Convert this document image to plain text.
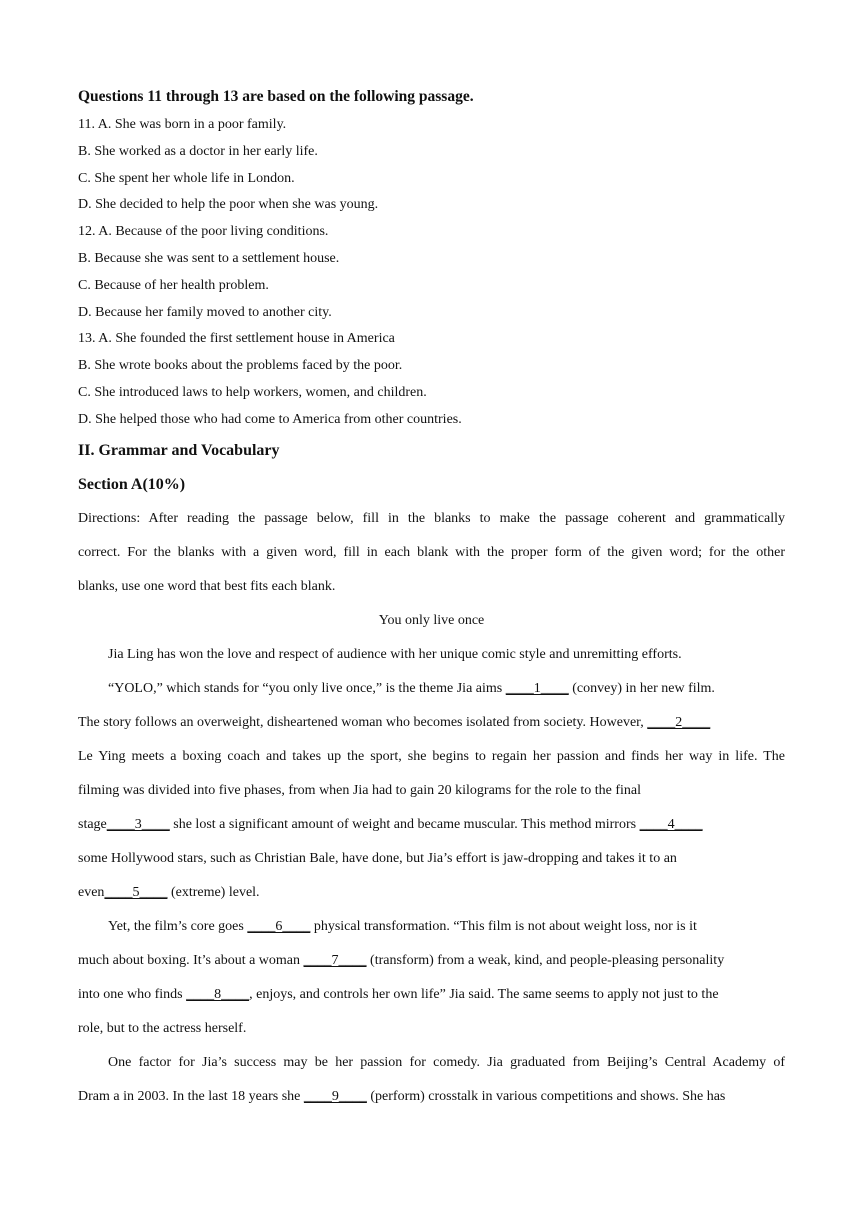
Questions 11 through 13 are based on the following passage.

11. A. She was born in a poor family.

B. She worked as a doctor in her early life.

C. She spent her whole life in London.

D. She decided to help the poor when she was young.

12. A. Because of the poor living conditions.

B. Because she was sent to a settlement house.

C. Because of her health problem.

D. Because her family moved to another city.

13. A. She founded the first settlement house in America

B. She wrote books about the problems faced by the poor.

C. She introduced laws to help workers, women, and children.

D. She helped those who had come to America from other countries.

II. Grammar and Vocabulary

Section A(10%)

Directions: After reading the passage below, fill in the blanks to make the passage coherent and grammatically

correct. For the blanks with a given word, fill in each blank with the proper form of the given word; for the other

blanks, use one word that best fits each blank.

You only live once

Jia Ling has won the love and respect of audience with her unique comic style and unremitting efforts.

“YOLO,” which stands for “you only live once,” is the theme Jia aims ____1____ (convey) in her new film.

The story follows an overweight, disheartened woman who becomes isolated from society. However, ____2____

Le Ying meets a boxing coach and takes up the sport, she begins to regain her passion and finds her way in life. The

filming was divided into five phases, from when Jia had to gain 20 kilograms for the role to the final

stage____3____ she lost a significant amount of weight and became muscular. This method mirrors ____4____

some Hollywood stars, such as Christian Bale, have done, but Jia’s effort is jaw-dropping and takes it to an

even____5____ (extreme) level.

Yet, the film’s core goes ____6____ physical transformation. “This film is not about weight loss, nor is it

much about boxing. It’s about a woman ____7____ (transform) from a weak, kind, and people-pleasing personality

into one who finds ____8____, enjoys, and controls her own life” Jia said. The same seems to apply not just to the

role, but to the actress herself.

One factor for Jia’s success may be her passion for comedy. Jia graduated from Beijing’s Central Academy of

Dram a in 2003. In the last 18 years she ____9____ (perform) crosstalk in various competitions and shows. She has
